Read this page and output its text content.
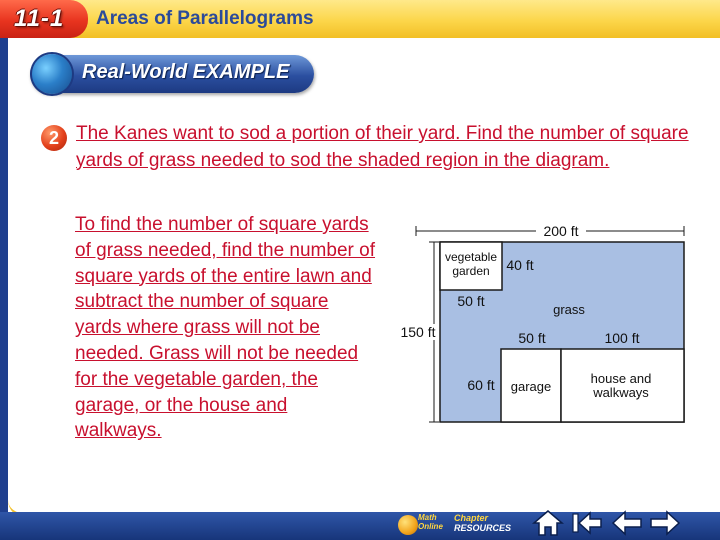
11-1 Areas of Parallelograms
Real-World EXAMPLE
2 The Kanes want to sod a portion of their yard. Find the number of square yards of grass needed to sod the shaded region in the diagram.
To find the number of square yards of grass needed, find the number of square yards of the entire lawn and subtract the number of square yards where grass will not be needed. Grass will not be needed for the vegetable garden, the garage, or the house and walkways.
200 ft
150 ft
vegetable
garden 40 ft
50 ft
grass
50 ft	100 ft
60 ft garage
house and
walkways
Math
Online
Chapter
RESOURCES
